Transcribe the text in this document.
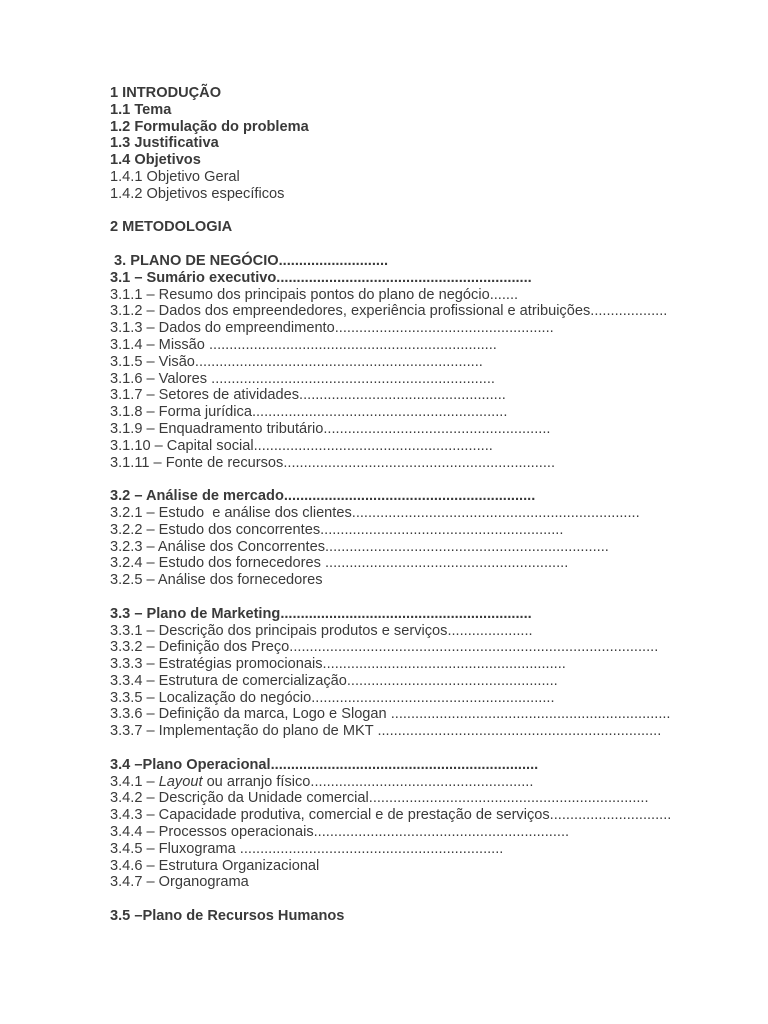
1 INTRODUÇÃO
1.1 Tema
1.2 Formulação do problema
1.3 Justificativa
1.4 Objetivos
1.4.1 Objetivo Geral
1.4.2 Objetivos específicos
2 METODOLOGIA
3. PLANO DE NEGÓCIO...........................
3.1 – Sumário executivo...............................................................
3.1.1 – Resumo dos principais pontos do plano de negócio.......
3.1.2 – Dados dos empreendedores, experiência profissional e atribuições...................
3.1.3 – Dados do empreendimento......................................................
3.1.4 – Missão .......................................................................
3.1.5 – Visão.......................................................................
3.1.6 – Valores ......................................................................
3.1.7 – Setores de atividades...................................................
3.1.8 – Forma jurídica...............................................................
3.1.9 – Enquadramento tributário........................................................
3.1.10 – Capital social...........................................................
3.1.11 – Fonte de recursos...................................................................
3.2 – Análise de mercado..............................................................
3.2.1 – Estudo  e análise dos clientes.......................................................................
3.2.2 – Estudo dos concorrentes............................................................
3.2.3 – Análise dos Concorrentes......................................................................
3.2.4 – Estudo dos fornecedores ............................................................
3.2.5 – Análise dos fornecedores
3.3 – Plano de Marketing..............................................................
3.3.1 – Descrição dos principais produtos e serviços.....................
3.3.2 – Definição dos Preço...........................................................................................
3.3.3 – Estratégias promocionais............................................................
3.3.4 – Estrutura de comercialização....................................................
3.3.5 – Localização do negócio............................................................
3.3.6 – Definição da marca, Logo e Slogan .....................................................................
3.3.7 – Implementação do plano de MKT ......................................................................
3.4 –Plano Operacional..................................................................
3.4.1 – Layout ou arranjo físico.......................................................
3.4.2 – Descrição da Unidade comercial.....................................................................
3.4.3 – Capacidade produtiva, comercial e de prestação de serviços..............................
3.4.4 – Processos operacionais...............................................................
3.4.5 – Fluxograma .................................................................
3.4.6 – Estrutura Organizacional
3.4.7 – Organograma
3.5 –Plano de Recursos Humanos
